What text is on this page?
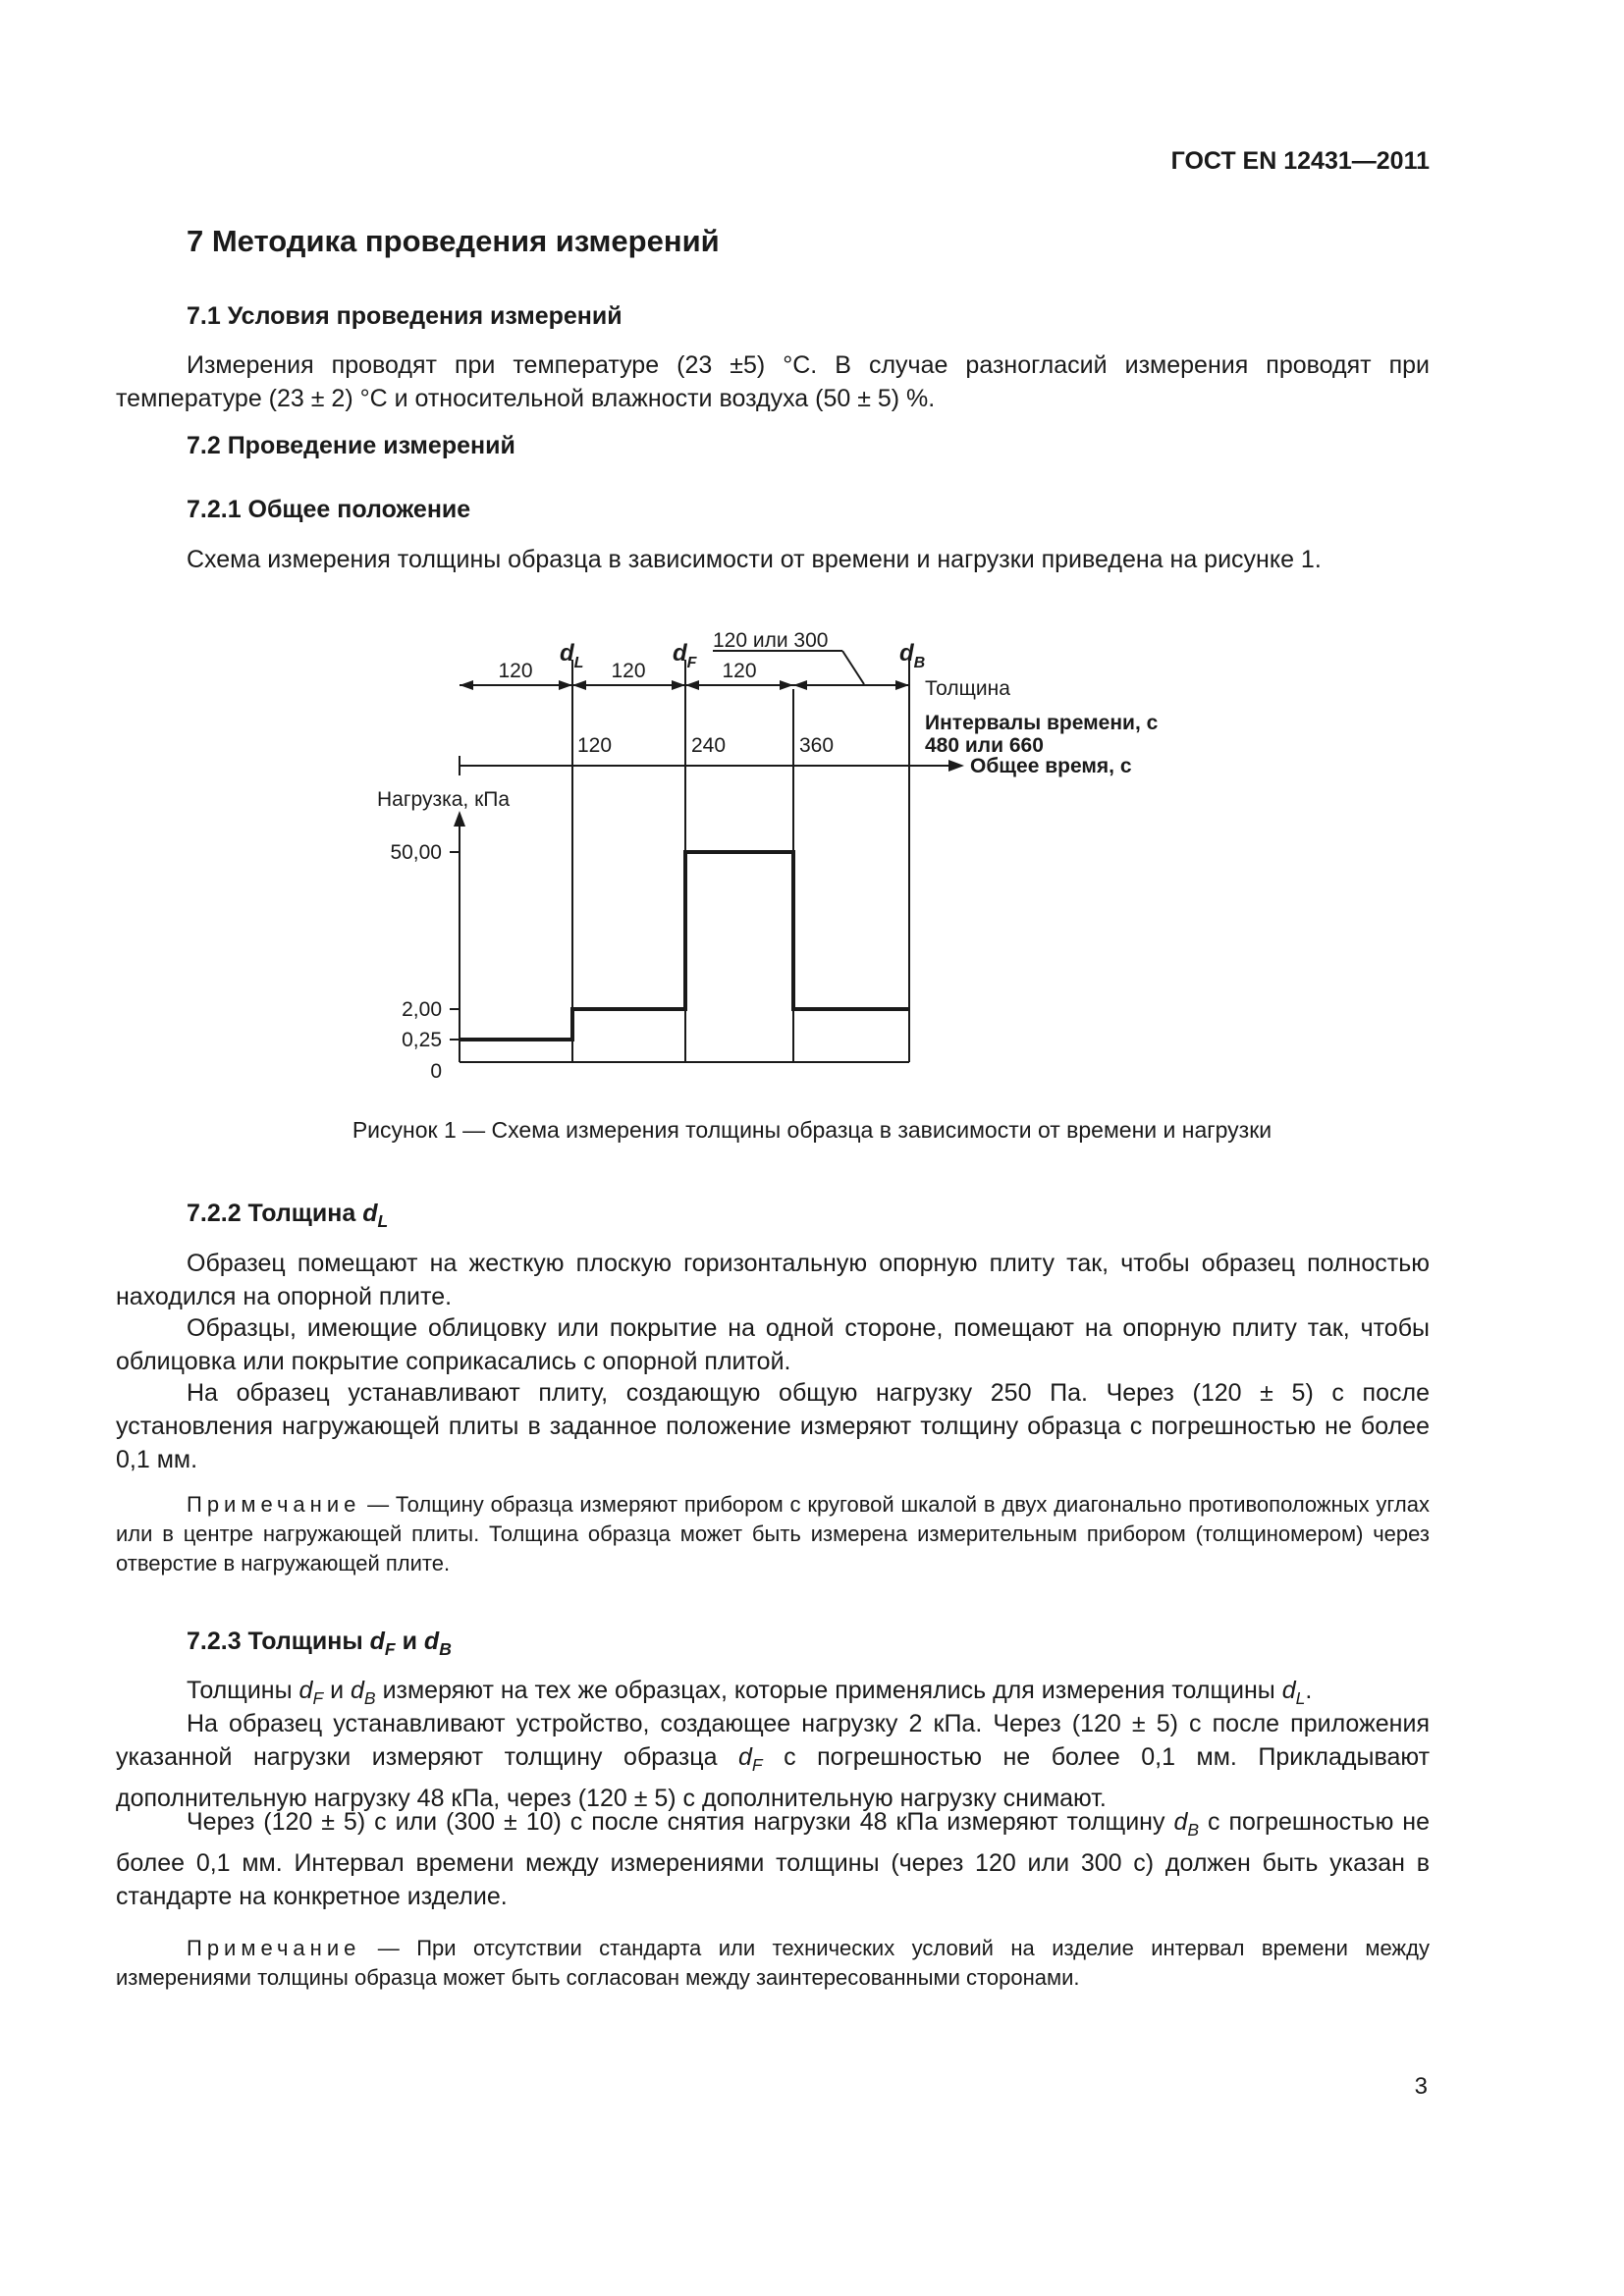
ГОСТ EN 12431—2011
7 Методика проведения измерений
7.1 Условия проведения измерений

Измерения проводят при температуре (23 ±5) °С. В случае разногласий измерения проводят при температуре (23 ± 2) °С и относительной влажности воздуха (50 ± 5) %.

7.2 Проведение измерений
7.2.1 Общее положение

Схема измерения толщины образца в зависимости от времени и нагрузки приведена на рисунке 1.

120	120	120
120 или 300
dL	dF	dB
Толщина
Интервалы времени, с
480 или 660
Общее время, с
120	240	360
Нагрузка, кПа
50,00
2,00
0,25
0
Рисунок 1 — Схема измерения толщины образца в зависимости от времени и нагрузки
7.2.2 Толщина $d_L$

Образец помещают на жесткую плоскую горизонтальную опорную плиту так, чтобы образец полностью находился на опорной плите.

Образцы, имеющие облицовку или покрытие на одной стороне, помещают на опорную плиту так, чтобы облицовка или покрытие соприкасались с опорной плитой.

На образец устанавливают плиту, создающую общую нагрузку 250 Па. Через (120 ± 5) с после установления нагружающей плиты в заданное положение измеряют толщину образца с погрешностью не более 0,1 мм.

Примечание — Толщину образца измеряют прибором с круговой шкалой в двух диагонально противоположных углах или в центре нагружающей плиты. Толщина образца может быть измерена измерительным прибором (толщиномером) через отверстие в нагружающей плите.

7.2.3 Толщины $d_F$ и $d_B$

Толщины $d_F$ и $d_B$ измеряют на тех же образцах, которые применялись для измерения толщины $d_L$.

На образец устанавливают устройство, создающее нагрузку 2 кПа. Через (120 ± 5) с после приложения указанной нагрузки измеряют толщину образца $d_F$ с погрешностью не более 0,1 мм. Прикладывают дополнительную нагрузку 48 кПа, через (120 ± 5) с дополнительную нагрузку снимают.

Через (120 ± 5) с или (300 ± 10) с после снятия нагрузки 48 кПа измеряют толщину $d_B$ с погрешностью не более 0,1 мм. Интервал времени между измерениями толщины (через 120 или 300 с) должен быть указан в стандарте на конкретное изделие.

Примечание — При отсутствии стандарта или технических условий на изделие интервал времени между измерениями толщины образца может быть согласован между заинтересованными сторонами.

3
